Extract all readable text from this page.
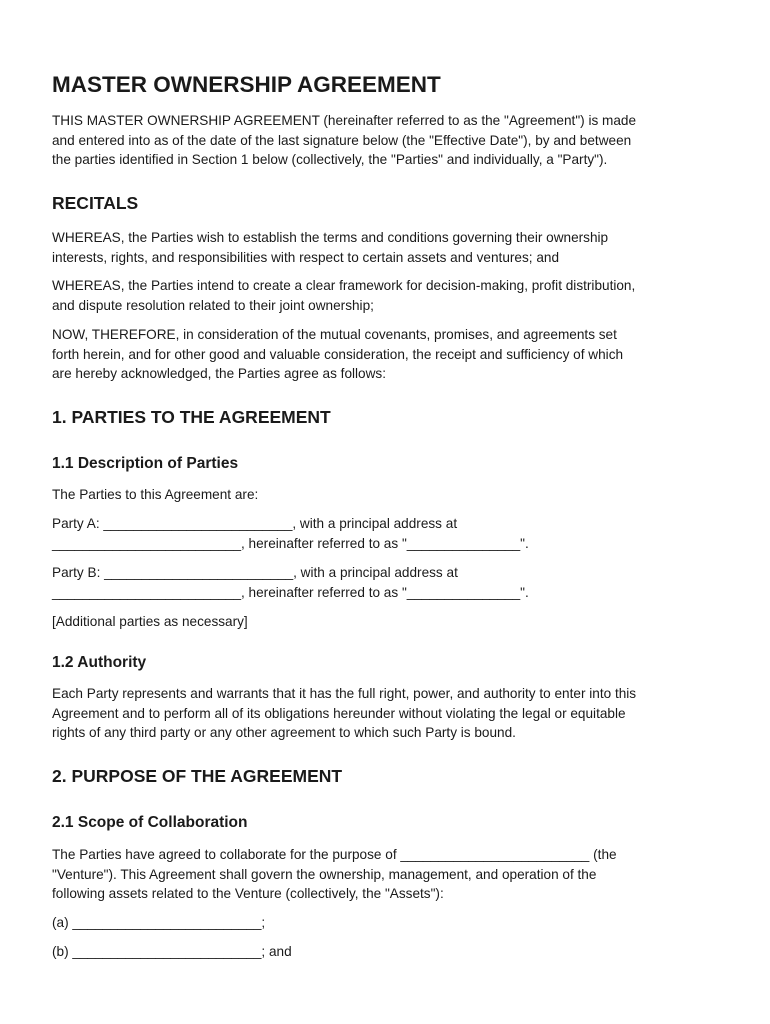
MASTER OWNERSHIP AGREEMENT

THIS MASTER OWNERSHIP AGREEMENT (hereinafter referred to as the "Agreement") is made
and entered into as of the date of the last signature below (the "Effective Date"), by and between
the parties identified in Section 1 below (collectively, the "Parties" and individually, a "Party").

RECITALS

WHEREAS, the Parties wish to establish the terms and conditions governing their ownership
interests, rights, and responsibilities with respect to certain assets and ventures; and

WHEREAS, the Parties intend to create a clear framework for decision-making, profit distribution,
and dispute resolution related to their joint ownership;

NOW, THEREFORE, in consideration of the mutual covenants, promises, and agreements set
forth herein, and for other good and valuable consideration, the receipt and sufficiency of which
are hereby acknowledged, the Parties agree as follows:

1. PARTIES TO THE AGREEMENT
1.1 Description of Parties

The Parties to this Agreement are:

Party A: _________________________, with a principal address at
_________________________, hereinafter referred to as "_______________".

Party B: _________________________, with a principal address at
_________________________, hereinafter referred to as "_______________".

[Additional parties as necessary]

1.2 Authority

Each Party represents and warrants that it has the full right, power, and authority to enter into this
Agreement and to perform all of its obligations hereunder without violating the legal or equitable
rights of any third party or any other agreement to which such Party is bound.

2. PURPOSE OF THE AGREEMENT
2.1 Scope of Collaboration

The Parties have agreed to collaborate for the purpose of _________________________ (the
"Venture"). This Agreement shall govern the ownership, management, and operation of the
following assets related to the Venture (collectively, the "Assets"):

(a) _________________________;

(b) _________________________; and
